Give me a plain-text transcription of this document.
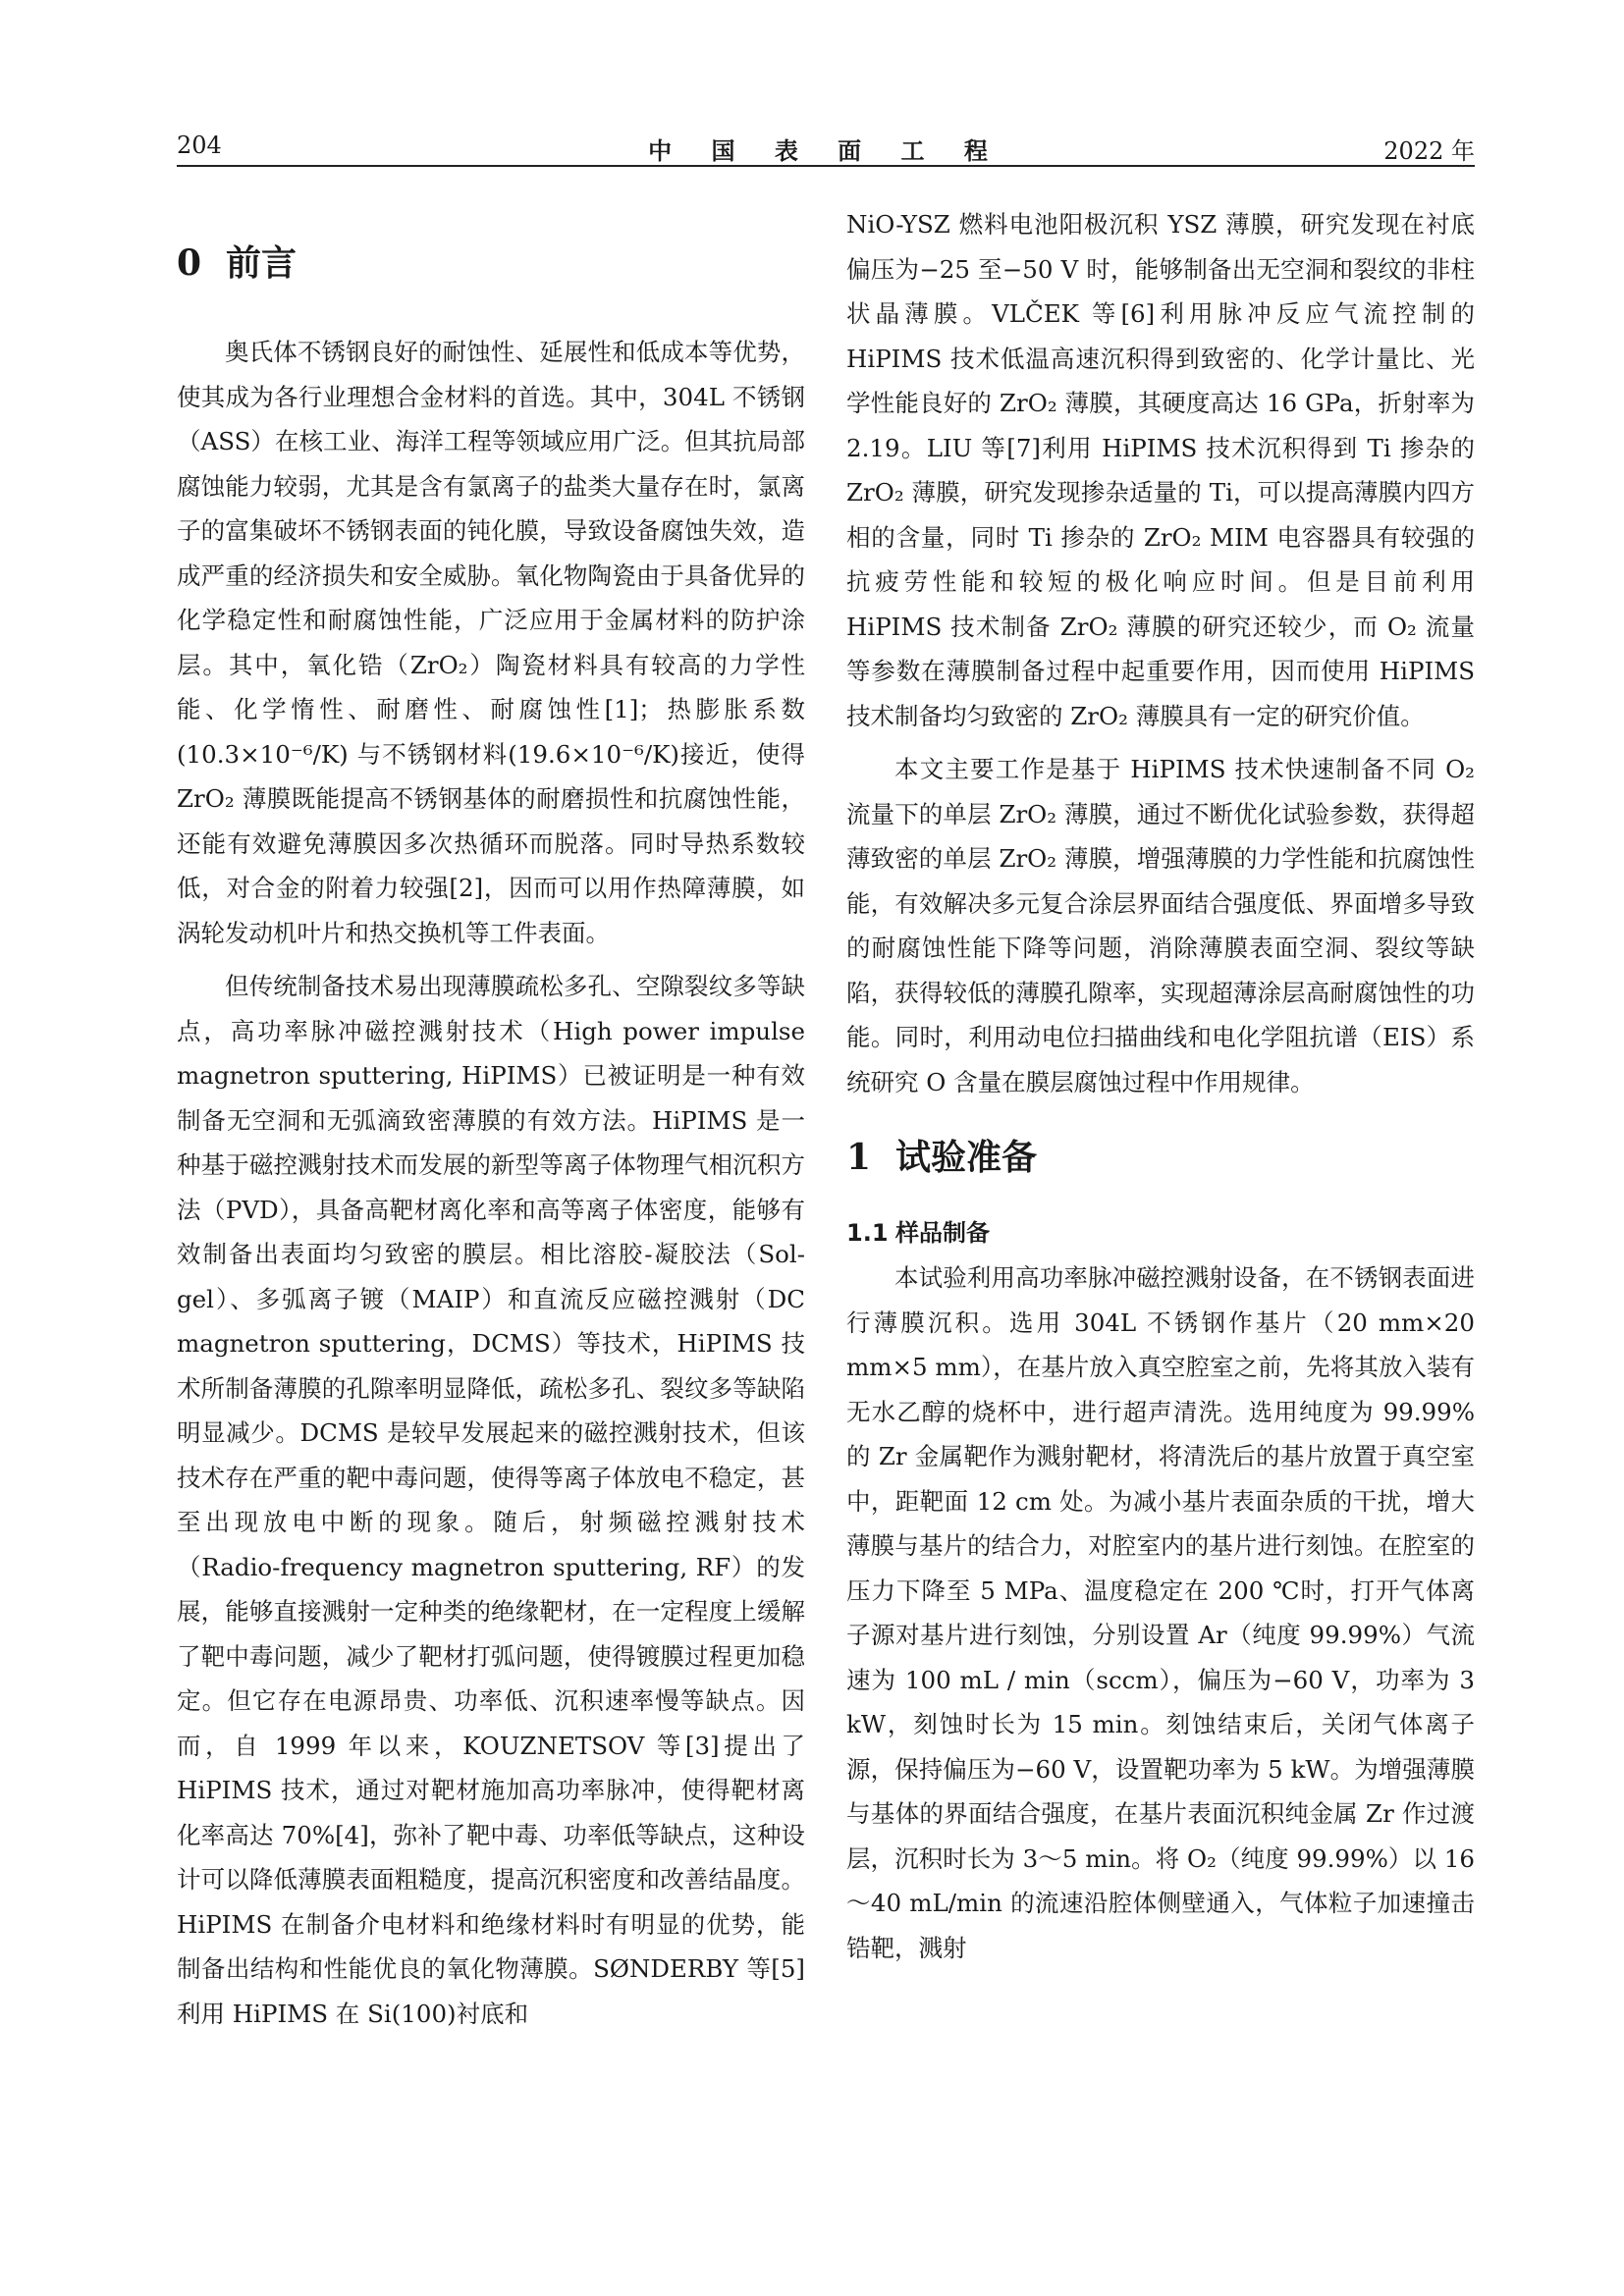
204	中 国 表 面 工 程	2022 年
0 前言

奥氏体不锈钢良好的耐蚀性、延展性和低成本等优势，使其成为各行业理想合金材料的首选。其中，304L 不锈钢（ASS）在核工业、海洋工程等领域应用广泛。但其抗局部腐蚀能力较弱，尤其是含有氯离子的盐类大量存在时，氯离子的富集破坏不锈钢表面的钝化膜，导致设备腐蚀失效，造成严重的经济损失和安全威胁。氧化物陶瓷由于具备优异的化学稳定性和耐腐蚀性能，广泛应用于金属材料的防护涂层。其中，氧化锆（ZrO₂）陶瓷材料具有较高的力学性能、化学惰性、耐磨性、耐腐蚀性[1]；热膨胀系数(10.3×10⁻⁶/K) 与不锈钢材料(19.6×10⁻⁶/K)接近，使得 ZrO₂ 薄膜既能提高不锈钢基体的耐磨损性和抗腐蚀性能，还能有效避免薄膜因多次热循环而脱落。同时导热系数较低，对合金的附着力较强[2]，因而可以用作热障薄膜，如涡轮发动机叶片和热交换机等工件表面。

但传统制备技术易出现薄膜疏松多孔、空隙裂纹多等缺点，高功率脉冲磁控溅射技术（High power impulse magnetron sputtering, HiPIMS）已被证明是一种有效制备无空洞和无弧滴致密薄膜的有效方法。HiPIMS 是一种基于磁控溅射技术而发展的新型等离子体物理气相沉积方法（PVD），具备高靶材离化率和高等离子体密度，能够有效制备出表面均匀致密的膜层。相比溶胶-凝胶法（Sol-gel）、多弧离子镀（MAIP）和直流反应磁控溅射（DC magnetron sputtering，DCMS）等技术，HiPIMS 技术所制备薄膜的孔隙率明显降低，疏松多孔、裂纹多等缺陷明显减少。DCMS 是较早发展起来的磁控溅射技术，但该技术存在严重的靶中毒问题，使得等离子体放电不稳定，甚至出现放电中断的现象。随后，射频磁控溅射技术（Radio-frequency magnetron sputtering, RF）的发展，能够直接溅射一定种类的绝缘靶材，在一定程度上缓解了靶中毒问题，减少了靶材打弧问题，使得镀膜过程更加稳定。但它存在电源昂贵、功率低、沉积速率慢等缺点。因而，自 1999 年以来，KOUZNETSOV 等[3]提出了 HiPIMS 技术，通过对靶材施加高功率脉冲，使得靶材离化率高达 70%[4]，弥补了靶中毒、功率低等缺点，这种设计可以降低薄膜表面粗糙度，提高沉积密度和改善结晶度。HiPIMS 在制备介电材料和绝缘材料时有明显的优势，能制备出结构和性能优良的氧化物薄膜。SØNDERBY 等[5]利用 HiPIMS 在 Si(100)衬底和

NiO-YSZ 燃料电池阳极沉积 YSZ 薄膜，研究发现在衬底偏压为−25 至−50 V 时，能够制备出无空洞和裂纹的非柱状晶薄膜。VLČEK 等[6]利用脉冲反应气流控制的 HiPIMS 技术低温高速沉积得到致密的、化学计量比、光学性能良好的 ZrO₂ 薄膜，其硬度高达 16 GPa，折射率为 2.19。LIU 等[7]利用 HiPIMS 技术沉积得到 Ti 掺杂的 ZrO₂ 薄膜，研究发现掺杂适量的 Ti，可以提高薄膜内四方相的含量，同时 Ti 掺杂的 ZrO₂ MIM 电容器具有较强的抗疲劳性能和较短的极化响应时间。但是目前利用 HiPIMS 技术制备 ZrO₂ 薄膜的研究还较少，而 O₂ 流量等参数在薄膜制备过程中起重要作用，因而使用 HiPIMS 技术制备均匀致密的 ZrO₂ 薄膜具有一定的研究价值。

本文主要工作是基于 HiPIMS 技术快速制备不同 O₂ 流量下的单层 ZrO₂ 薄膜，通过不断优化试验参数，获得超薄致密的单层 ZrO₂ 薄膜，增强薄膜的力学性能和抗腐蚀性能，有效解决多元复合涂层界面结合强度低、界面增多导致的耐腐蚀性能下降等问题，消除薄膜表面空洞、裂纹等缺陷，获得较低的薄膜孔隙率，实现超薄涂层高耐腐蚀性的功能。同时，利用动电位扫描曲线和电化学阻抗谱（EIS）系统研究 O 含量在膜层腐蚀过程中作用规律。

1 试验准备
1.1 样品制备

本试验利用高功率脉冲磁控溅射设备，在不锈钢表面进行薄膜沉积。选用 304L 不锈钢作基片（20 mm×20 mm×5 mm），在基片放入真空腔室之前，先将其放入装有无水乙醇的烧杯中，进行超声清洗。选用纯度为 99.99%的 Zr 金属靶作为溅射靶材，将清洗后的基片放置于真空室中，距靶面 12 cm 处。为减小基片表面杂质的干扰，增大薄膜与基片的结合力，对腔室内的基片进行刻蚀。在腔室的压力下降至 5 MPa、温度稳定在 200 ℃时，打开气体离子源对基片进行刻蚀，分别设置 Ar（纯度 99.99%）气流速为 100 mL / min（sccm），偏压为−60 V，功率为 3 kW，刻蚀时长为 15 min。刻蚀结束后，关闭气体离子源，保持偏压为−60 V，设置靶功率为 5 kW。为增强薄膜与基体的界面结合强度，在基片表面沉积纯金属 Zr 作过渡层，沉积时长为 3～5 min。将 O₂（纯度 99.99%）以 16～40 mL/min 的流速沿腔体侧壁通入，气体粒子加速撞击锆靶，溅射
